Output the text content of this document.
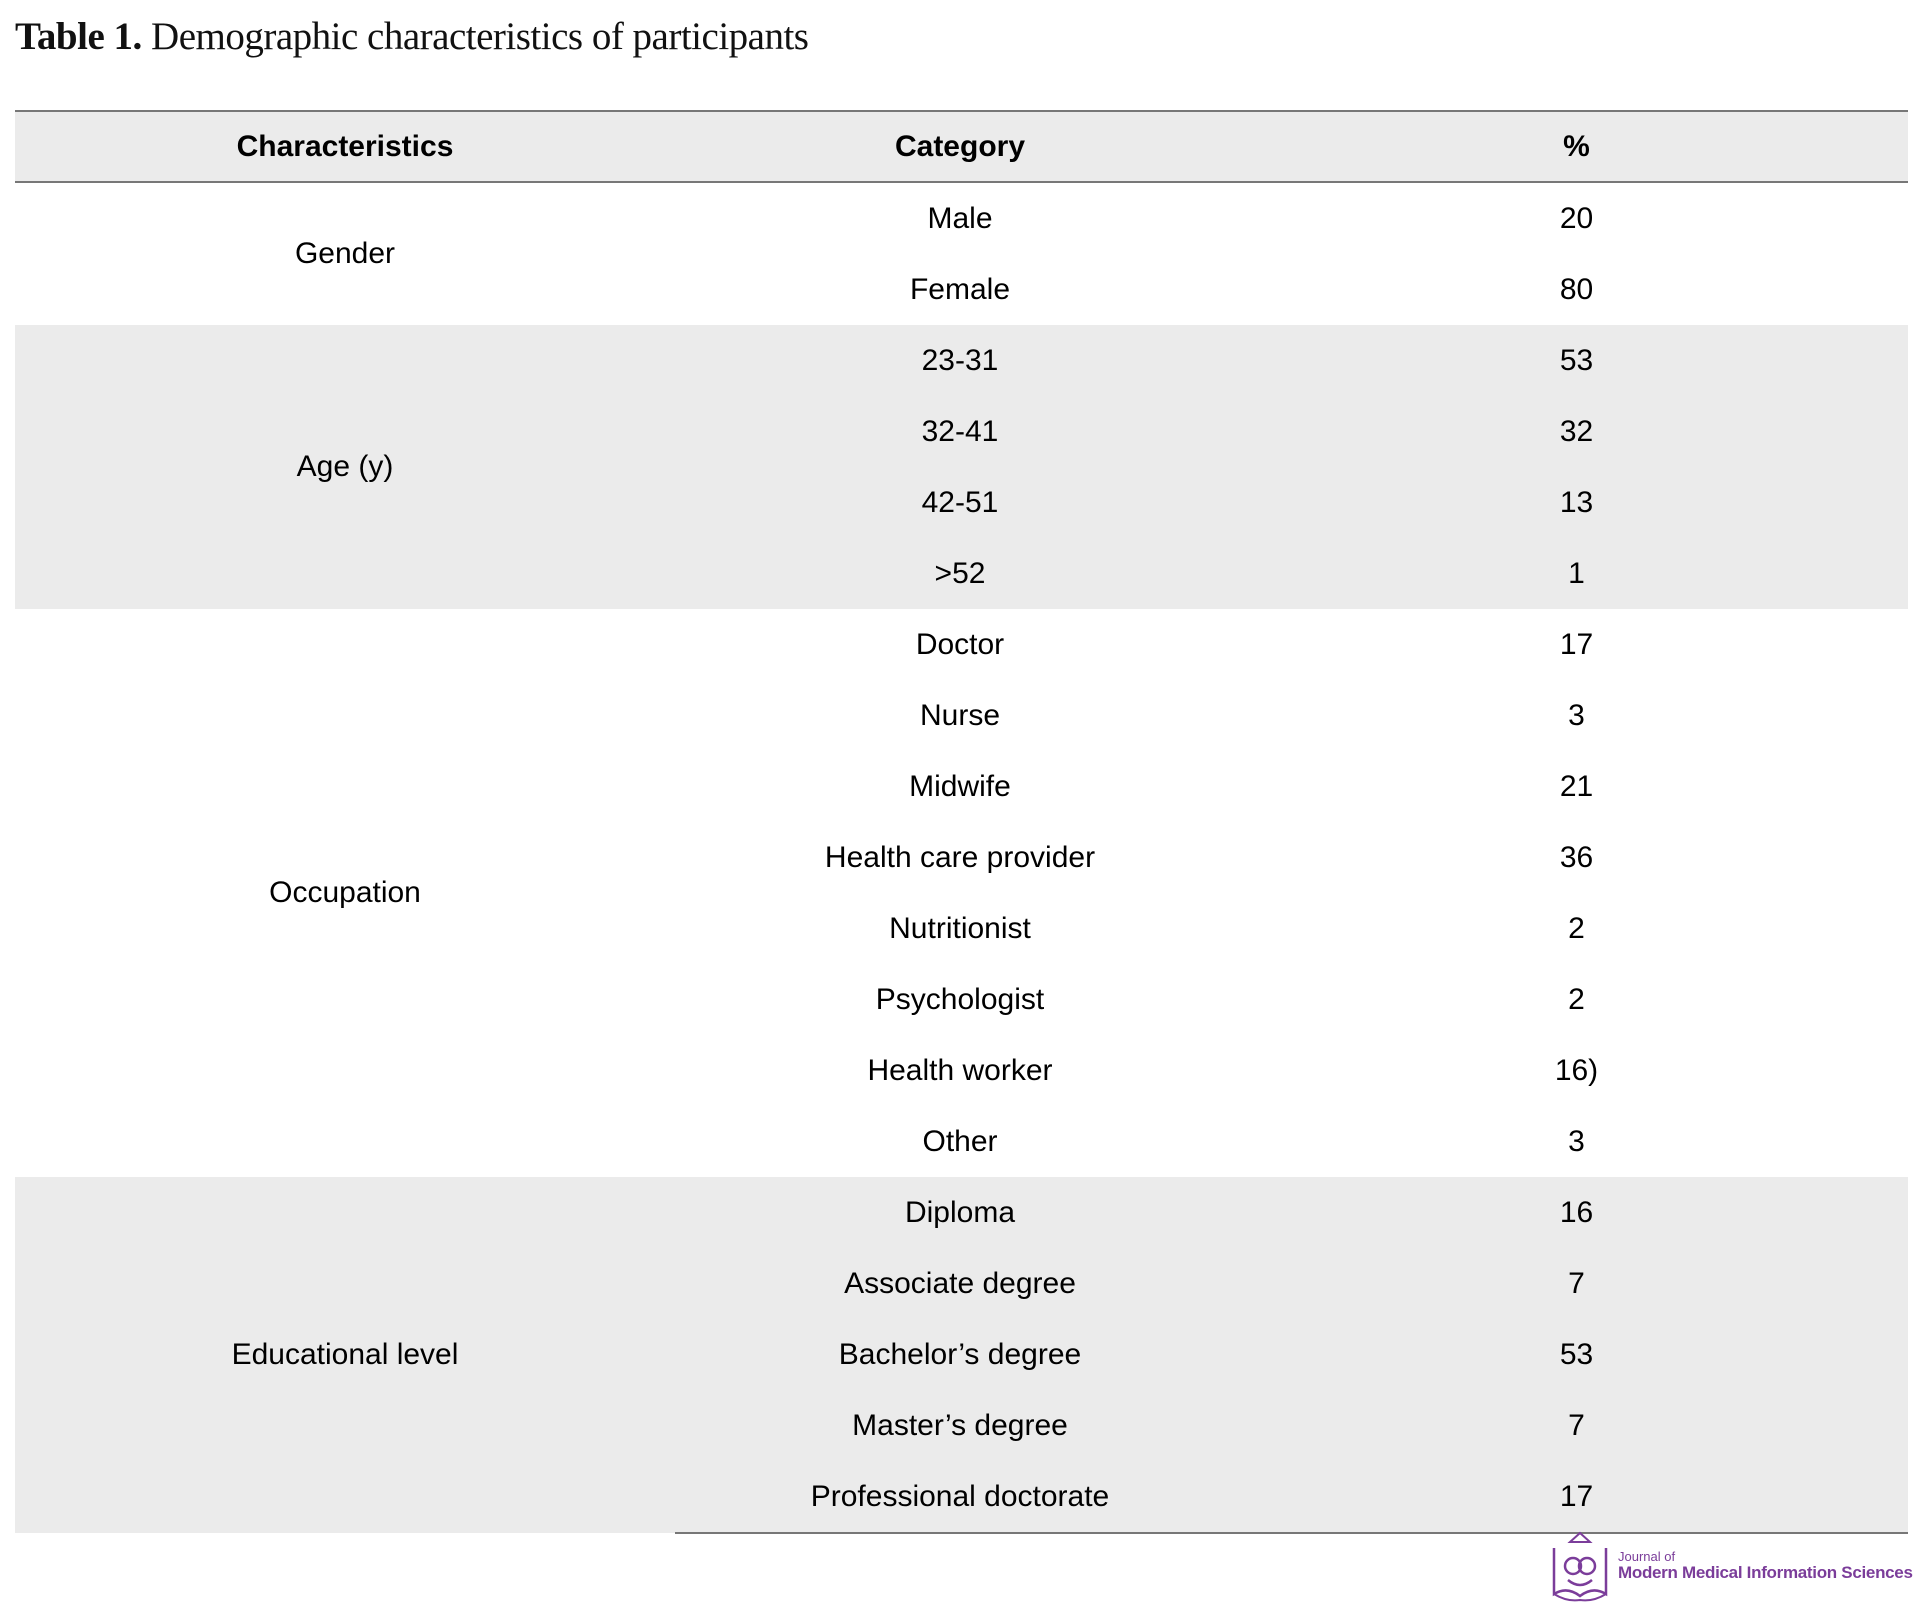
Table 1. Demographic characteristics of participants
Characteristics	Category	%
Gender	Male	20
	Female	80
Age (y)	23-31	53
	32-41	32
	42-51	13
	>52	1
Occupation	Doctor	17
	Nurse	3
	Midwife	21
	Health care provider	36
	Nutritionist	2
	Psychologist	2
	Health worker	16)
	Other	3
Educational level	Diploma	16
	Associate degree	7
	Bachelor’s degree	53
	Master’s degree	7
	Professional doctorate	17
Journal of
Modern Medical Information Sciences
